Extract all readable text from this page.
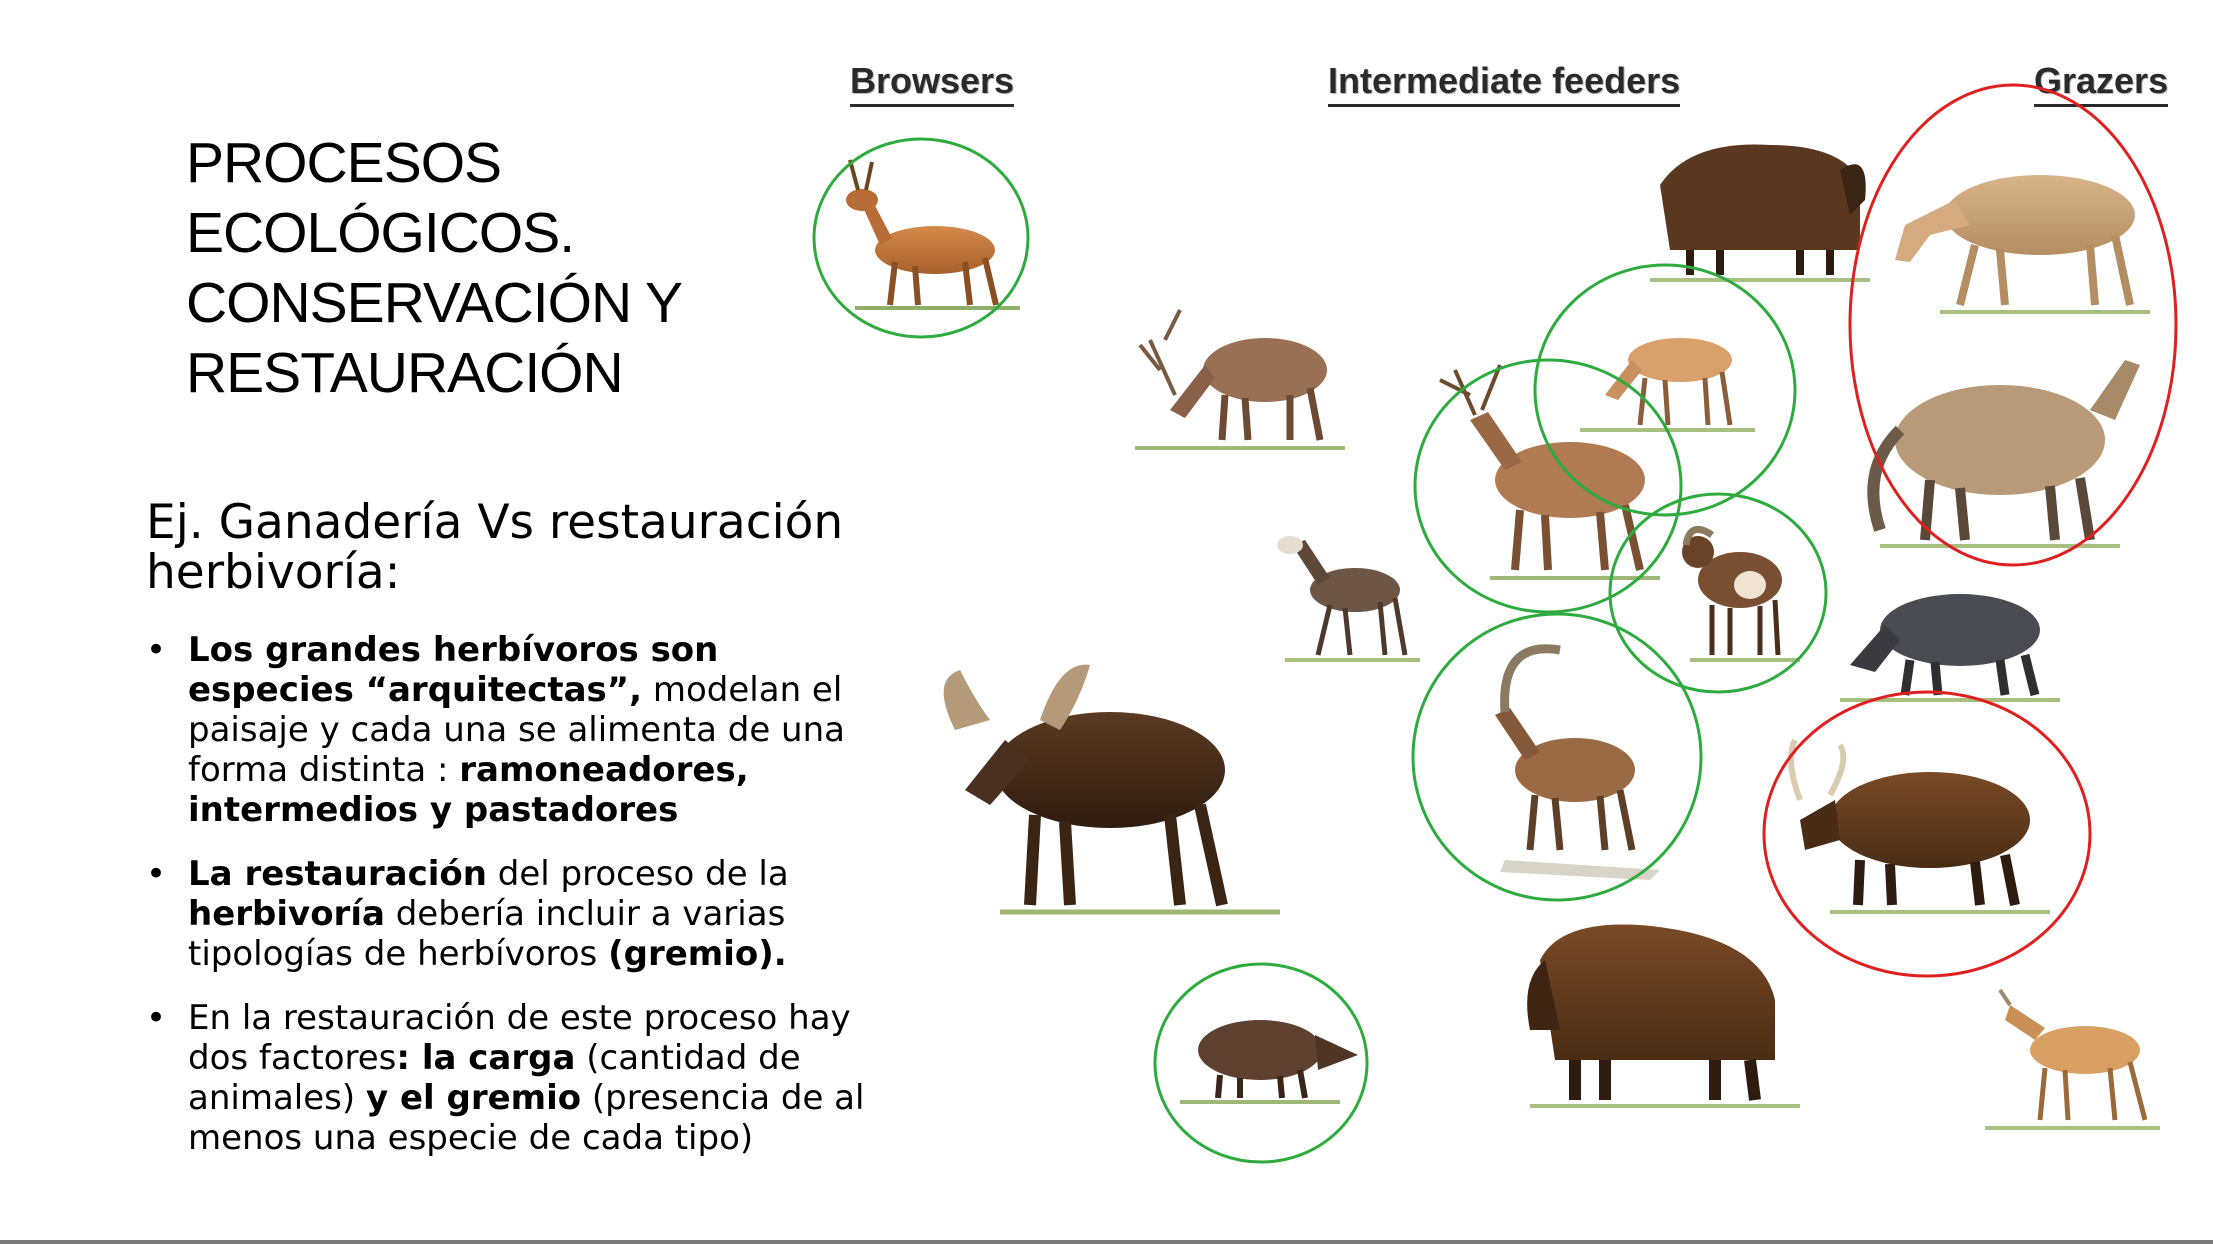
PROCESOS
ECOLÓGICOS.
CONSERVACIÓN Y
RESTAURACIÓN
Ej. Ganadería Vs restauración herbivoría:
• Los grandes herbívoros son especies “arquitectas”, modelan el paisaje y cada una se alimenta de una forma distinta : ramoneadores, intermedios y pastadores
• La restauración del proceso de la herbivoría debería incluir a varias tipologías de herbívoros (gremio).
• En la restauración de este proceso hay dos factores: la carga (cantidad de animales) y el gremio (presencia de al menos una especie de cada tipo)
Browsers	Intermediate feeders	Grazers
